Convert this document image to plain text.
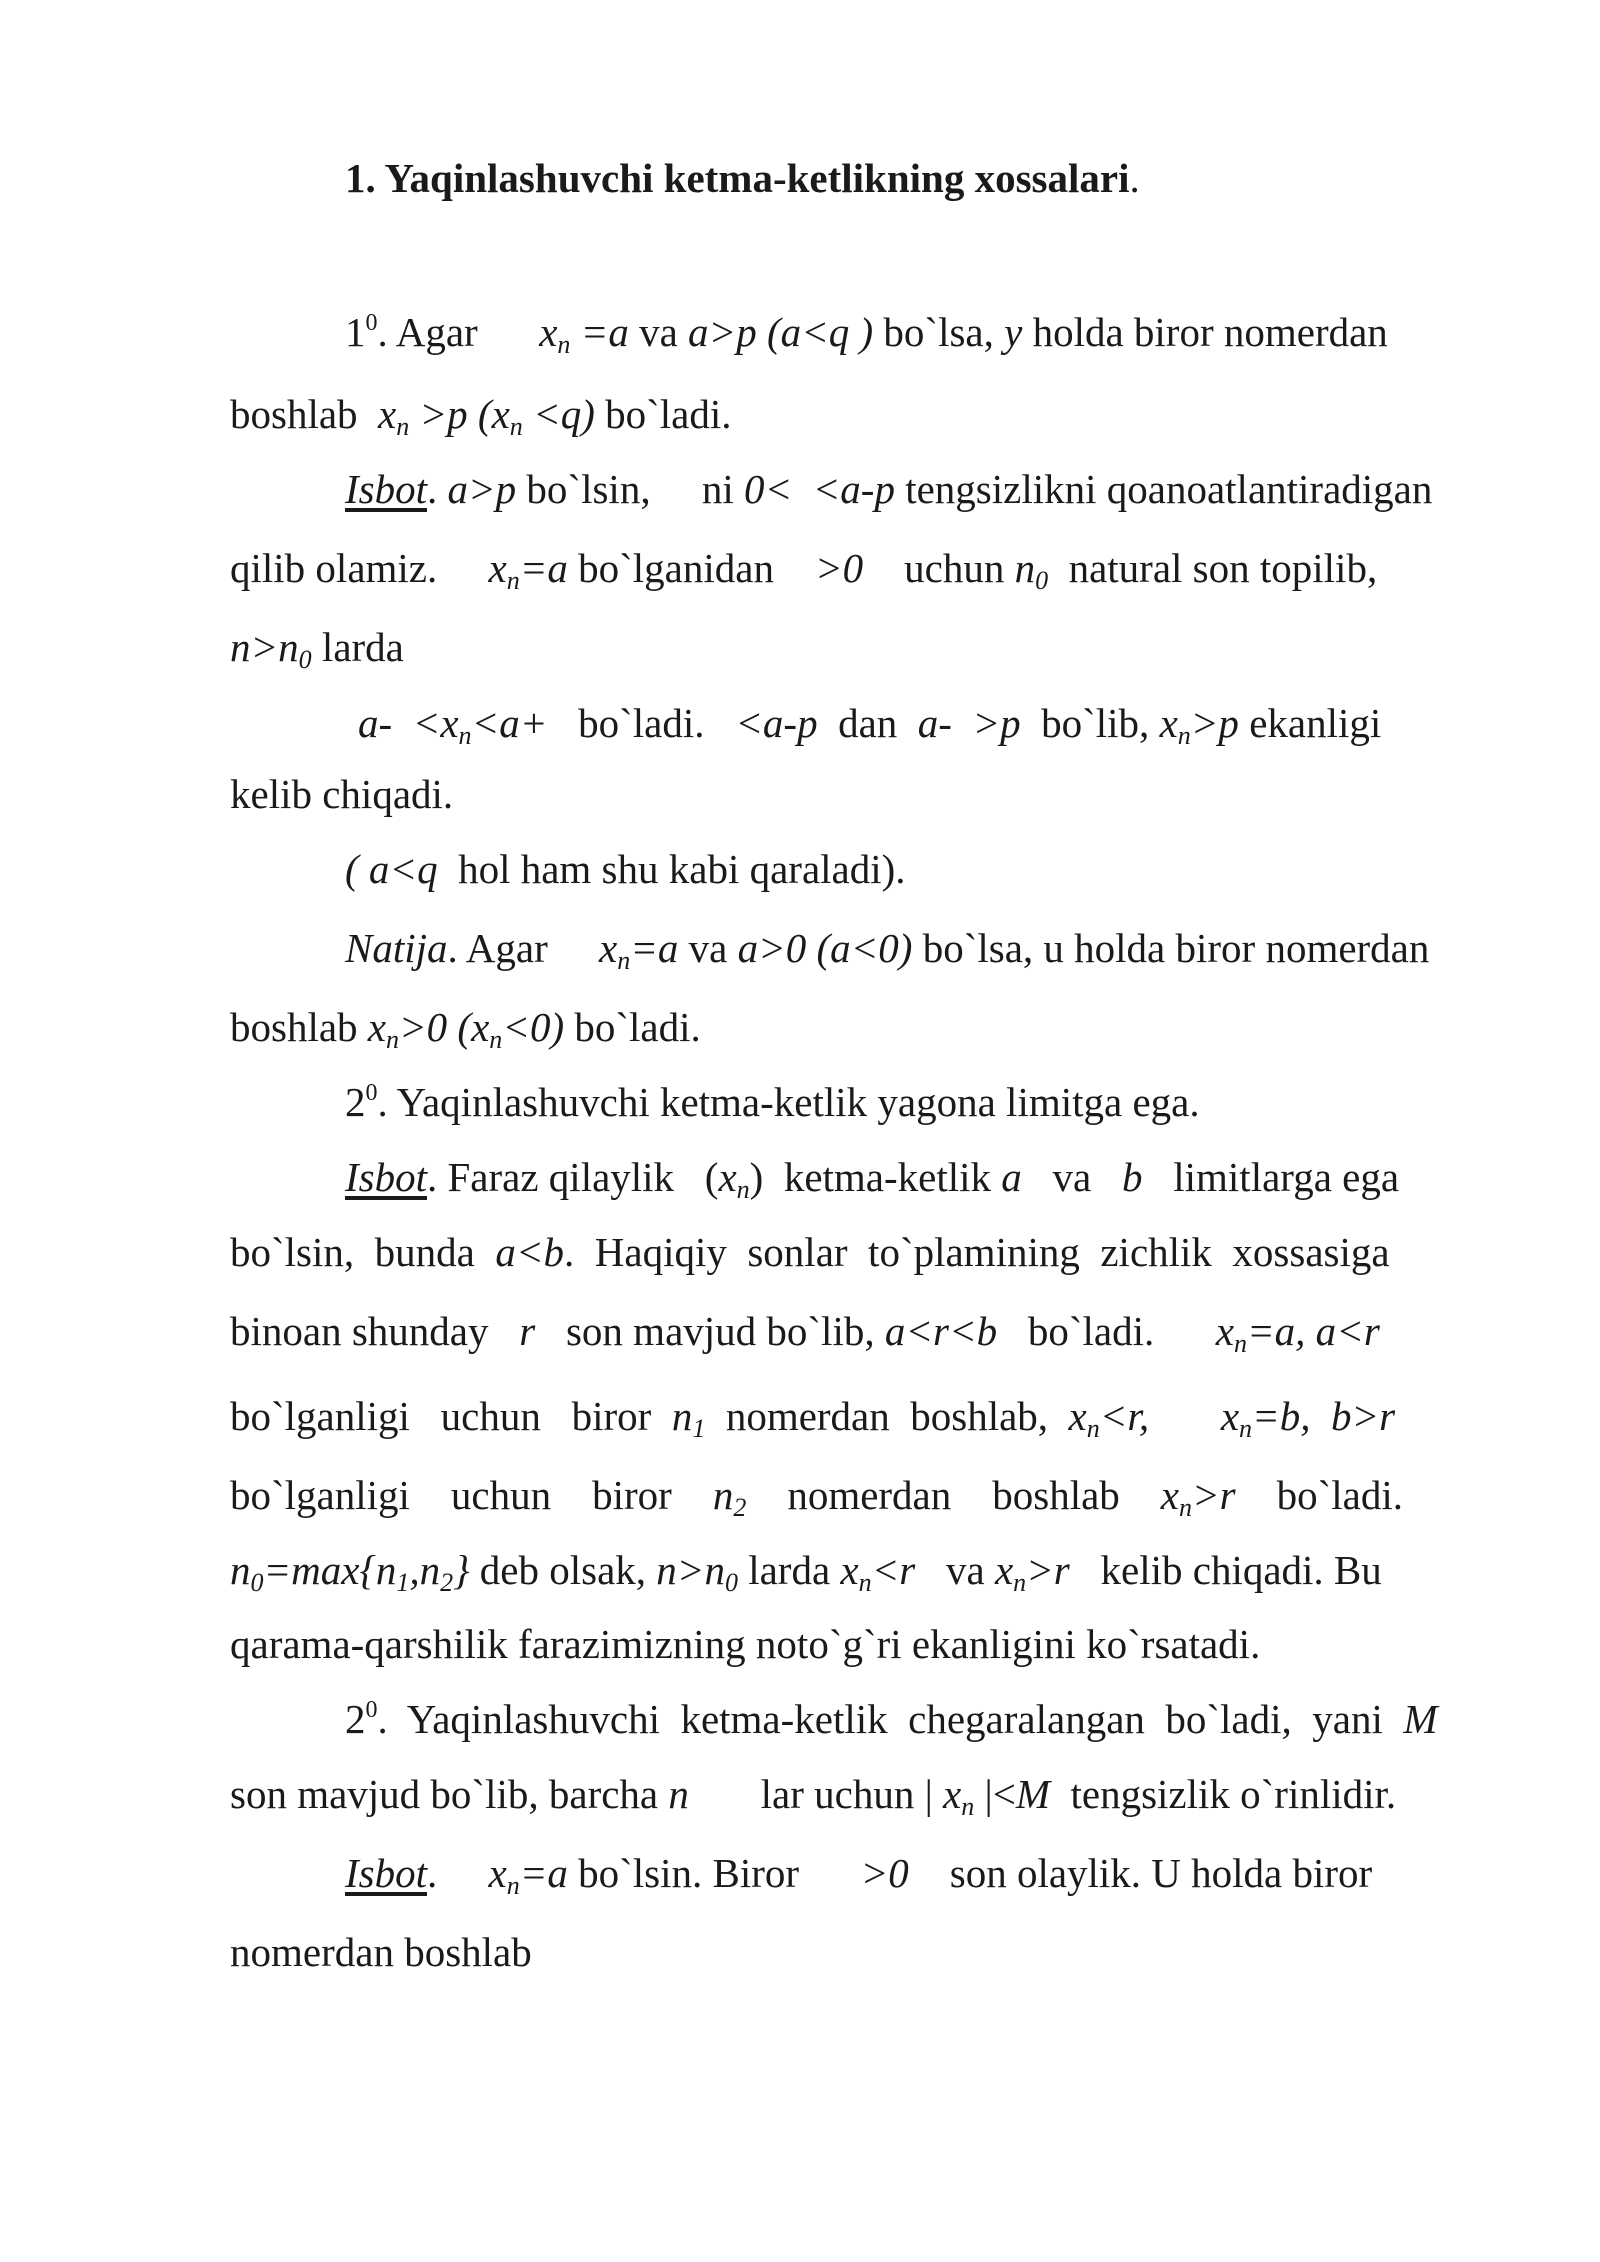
1. Yaqinlashuvchi ketma-ketlikning xossalari.
$1^0$. Agar $x_n =a$ va a>p (a<q ) bo`lsa, y holda biror nomerdan
boshlab  $x_n >p$ $(x_n <q)$ bo`ladi.
Isbot. a>p bo`lsin,     ni 0<  <a-p tengsizlikni qoanoatlantiradigan
qilib olamiz.     $x_n=a$ bo`lganidan    >0    uchun $n_0$  natural son topilib,
$n>n_0$ larda
$a- <x_n<a+$   bo`ladi.   <a-p  dan  a-  >p  bo`lib, $x_n>p$ ekanligi
kelib chiqadi.
( a<q  hol ham shu kabi qaraladi).
Natija. Agar     $x_n=a$ va a>0 (a<0) bo`lsa, u holda biror nomerdan
boshlab $x_n>0$ $(x_n<0)$ bo`ladi.
$2^0$. Yaqinlashuvchi ketma-ketlik yagona limitga ega.
Isbot. Faraz qilaylik   $(x_n)$  ketma-ketlik a   va   b   limitlarga ega
bo`lsin,  bunda  a<b.  Haqiqiy  sonlar  to`plamining  zichlik  xossasiga
binoan shunday   r   son mavjud bo`lib, a<r<b   bo`ladi.      $x_n=a$, a<r
bo`lganligi   uchun   biror  $n_1$  nomerdan  boshlab,  $x_n<r$, $x_n=b$,  b>r
bo`lganligi    uchun    biror    $n_2$    nomerdan    boshlab    $x_n>r$    bo`ladi.
$n_0=\max\{n_1,n_2\}$ deb olsak, $n>n_0$ larda $x_n<r$   va $x_n>r$   kelib chiqadi. Bu
qarama-qarshilik farazimizning noto`g`ri ekanligini ko`rsatadi.
$2^0$.  Yaqinlashuvchi  ketma-ketlik  chegaralangan  bo`ladi,  yani  M
son mavjud bo`lib, barcha n       lar uchun | $x_n$ |<M  tengsizlik o`rinlidir.
Isbot.     $x_n=a$ bo`lsin. Biror      >0    son olaylik. U holda biror
nomerdan boshlab
